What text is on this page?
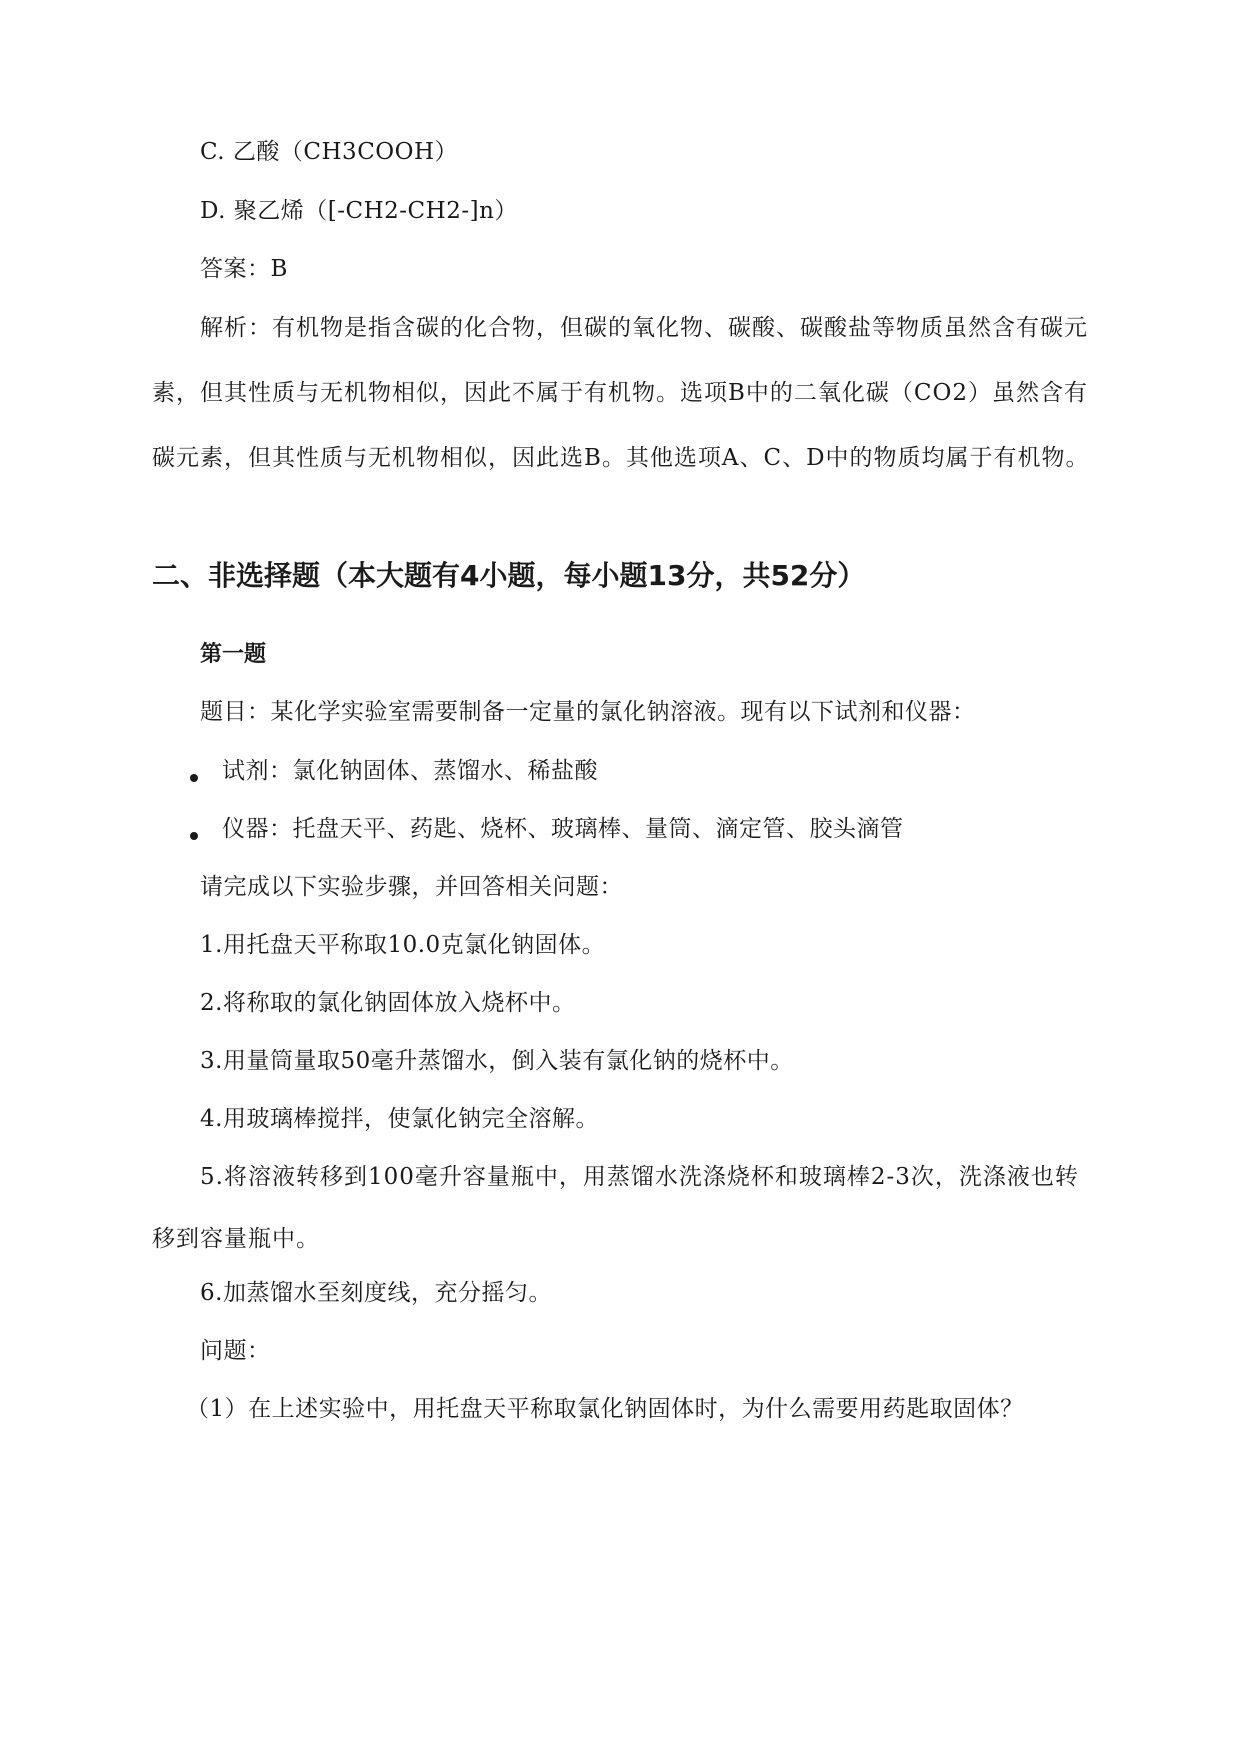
C. 乙酸（CH3COOH）
D. 聚乙烯（[-CH2-CH2-]n）
答案：B
解析：有机物是指含碳的化合物，但碳的氧化物、碳酸、碳酸盐等物质虽然含有碳元素，但其性质与无机物相似，因此不属于有机物。选项B中的二氧化碳（CO2）虽然含有碳元素，但其性质与无机物相似，因此选B。其他选项A、C、D中的物质均属于有机物。
二、非选择题（本大题有4小题，每小题13分，共52分）
第一题
题目：某化学实验室需要制备一定量的氯化钠溶液。现有以下试剂和仪器：
试剂：氯化钠固体、蒸馏水、稀盐酸
仪器：托盘天平、药匙、烧杯、玻璃棒、量筒、滴定管、胶头滴管
请完成以下实验步骤，并回答相关问题：
1.用托盘天平称取10.0克氯化钠固体。
2.将称取的氯化钠固体放入烧杯中。
3.用量筒量取50毫升蒸馏水，倒入装有氯化钠的烧杯中。
4.用玻璃棒搅拌，使氯化钠完全溶解。
5.将溶液转移到100毫升容量瓶中，用蒸馏水洗涤烧杯和玻璃棒2-3次，洗涤液也转移到容量瓶中。
6.加蒸馏水至刻度线，充分摇匀。
问题：
（1）在上述实验中，用托盘天平称取氯化钠固体时，为什么需要用药匙取固体？
